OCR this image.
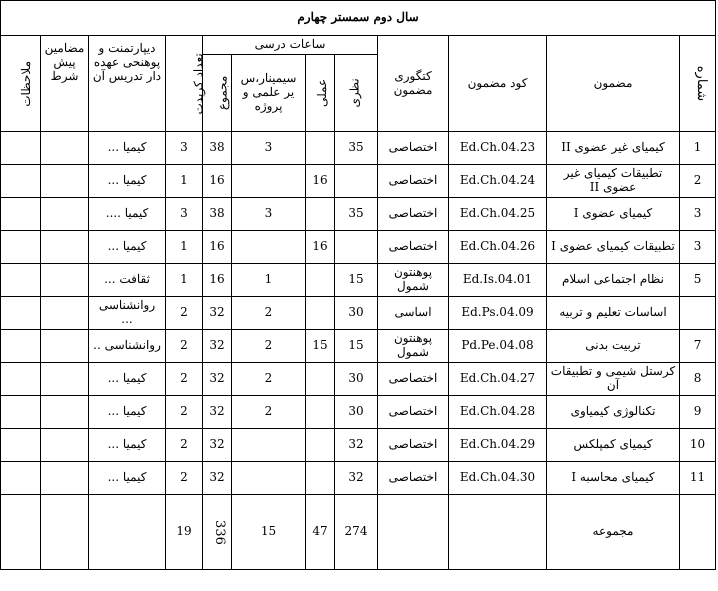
سال دوم سمستر چهارم											
ملاحظات	مضامین پیش شرط	دیپارتمنت و پوهنحی عهده دار تدریس آن	تعداد کریدت	ساعات درسی				کتگوری مضمون	کود مضمون	مضمون	شماره
				مجموع	سیمینار،س یر علمی و پروژه	عملی	نظری				
		کیمیا ...	3	38	3		35	اختصاصی	Ed.Ch.04.23	کیمیای غیر عضوی II	1
		کیمیا ...	1	16		16		اختصاصی	Ed.Ch.04.24	تطبیقات کیمیای غیر عضوی II	2
		کیمیا ....	3	38	3		35	اختصاصی	Ed.Ch.04.25	کیمیای عضوی I	3
		کیمیا ...	1	16		16		اختصاصی	Ed.Ch.04.26	تطبیقات کیمیای عضوی I	3
		ثقافت ...	1	16	1		15	پوهنتون شمول	Ed.Is.04.01	نظام اجتماعی اسلام	5
		روانشناسی ...	2	32	2		30	اساسی	Ed.Ps.04.09	اساسات تعلیم و تربیه	
		روانشناسی ..	2	32	2	15	15	پوهنتون شمول	Pd.Pe.04.08	تربیت بدنی	7
		کیمیا ...	2	32	2		30	اختصاصی	Ed.Ch.04.27	کرستل شیمی و تطبیقات آن	8
		کیمیا ...	2	32	2		30	اختصاصی	Ed.Ch.04.28	تکنالوژی کیمیاوی	9
		کیمیا ...	2	32			32	اختصاصی	Ed.Ch.04.29	کیمیای کمپلکس	10
		کیمیا ...	2	32			32	اختصاصی	Ed.Ch.04.30	کیمیای محاسبه I	11
			19	336	15	47	274			مجموعه	
